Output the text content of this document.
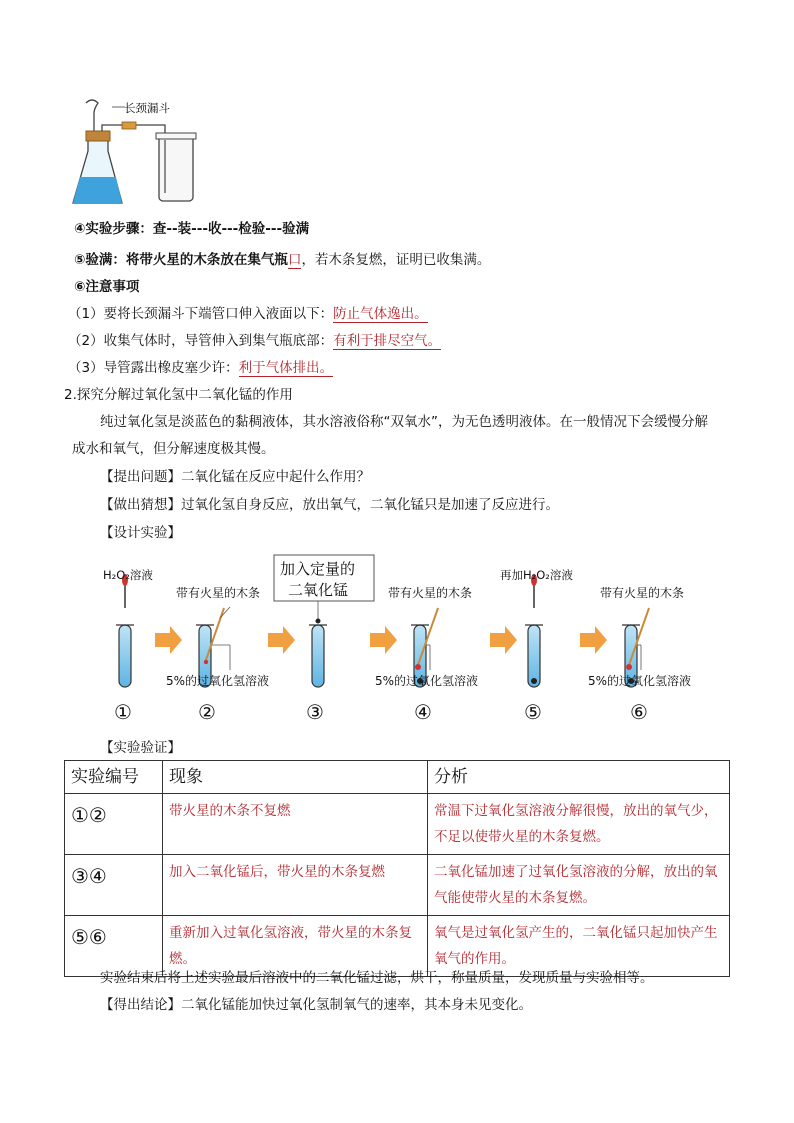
长颈漏斗
④实验步骤：查--装---收---检验---验满
⑤验满：将带火星的木条放在集气瓶口，若木条复燃，证明已收集满。
⑥注意事项
（1）要将长颈漏斗下端管口伸入液面以下：防止气体逸出。
（2）收集气体时，导管伸入到集气瓶底部：有利于排尽空气。
（3）导管露出橡皮塞少许：利于气体排出。
2.探究分解过氧化氢中二氧化锰的作用
纯过氧化氢是淡蓝色的黏稠液体，其水溶液俗称“双氧水”，为无色透明液体。在一般情况下会缓慢分解
成水和氧气，但分解速度极其慢。
【提出问题】二氧化锰在反应中起什么作用？
【做出猜想】过氧化氢自身反应，放出氧气，二氧化锰只是加速了反应进行。
【设计实验】
H₂O₂溶液	再加H₂O₂溶液
带有火星的木条	带有火星的木条	带有火星的木条
加入定量的
二氧化锰
5%的过氧化氢溶液	5%的过氧化氢溶液	5%的过氧化氢溶液
①	②	③	④	⑤	⑥
【实验验证】
实验编号	现象	分析
①②	带火星的木条不复燃	常温下过氧化氢溶液分解很慢，放出的氧气少，不足以使带火星的木条复燃。
③④	加入二氧化锰后，带火星的木条复燃	二氧化锰加速了过氧化氢溶液的分解，放出的氧气能使带火星的木条复燃。
⑤⑥	重新加入过氧化氢溶液，带火星的木条复燃。	氧气是过氧化氢产生的，二氧化锰只起加快产生氧气的作用。
实验结束后将上述实验最后溶液中的二氧化锰过滤，烘干，称量质量，发现质量与实验相等。
【得出结论】二氧化锰能加快过氧化氢制氧气的速率，其本身未见变化。
